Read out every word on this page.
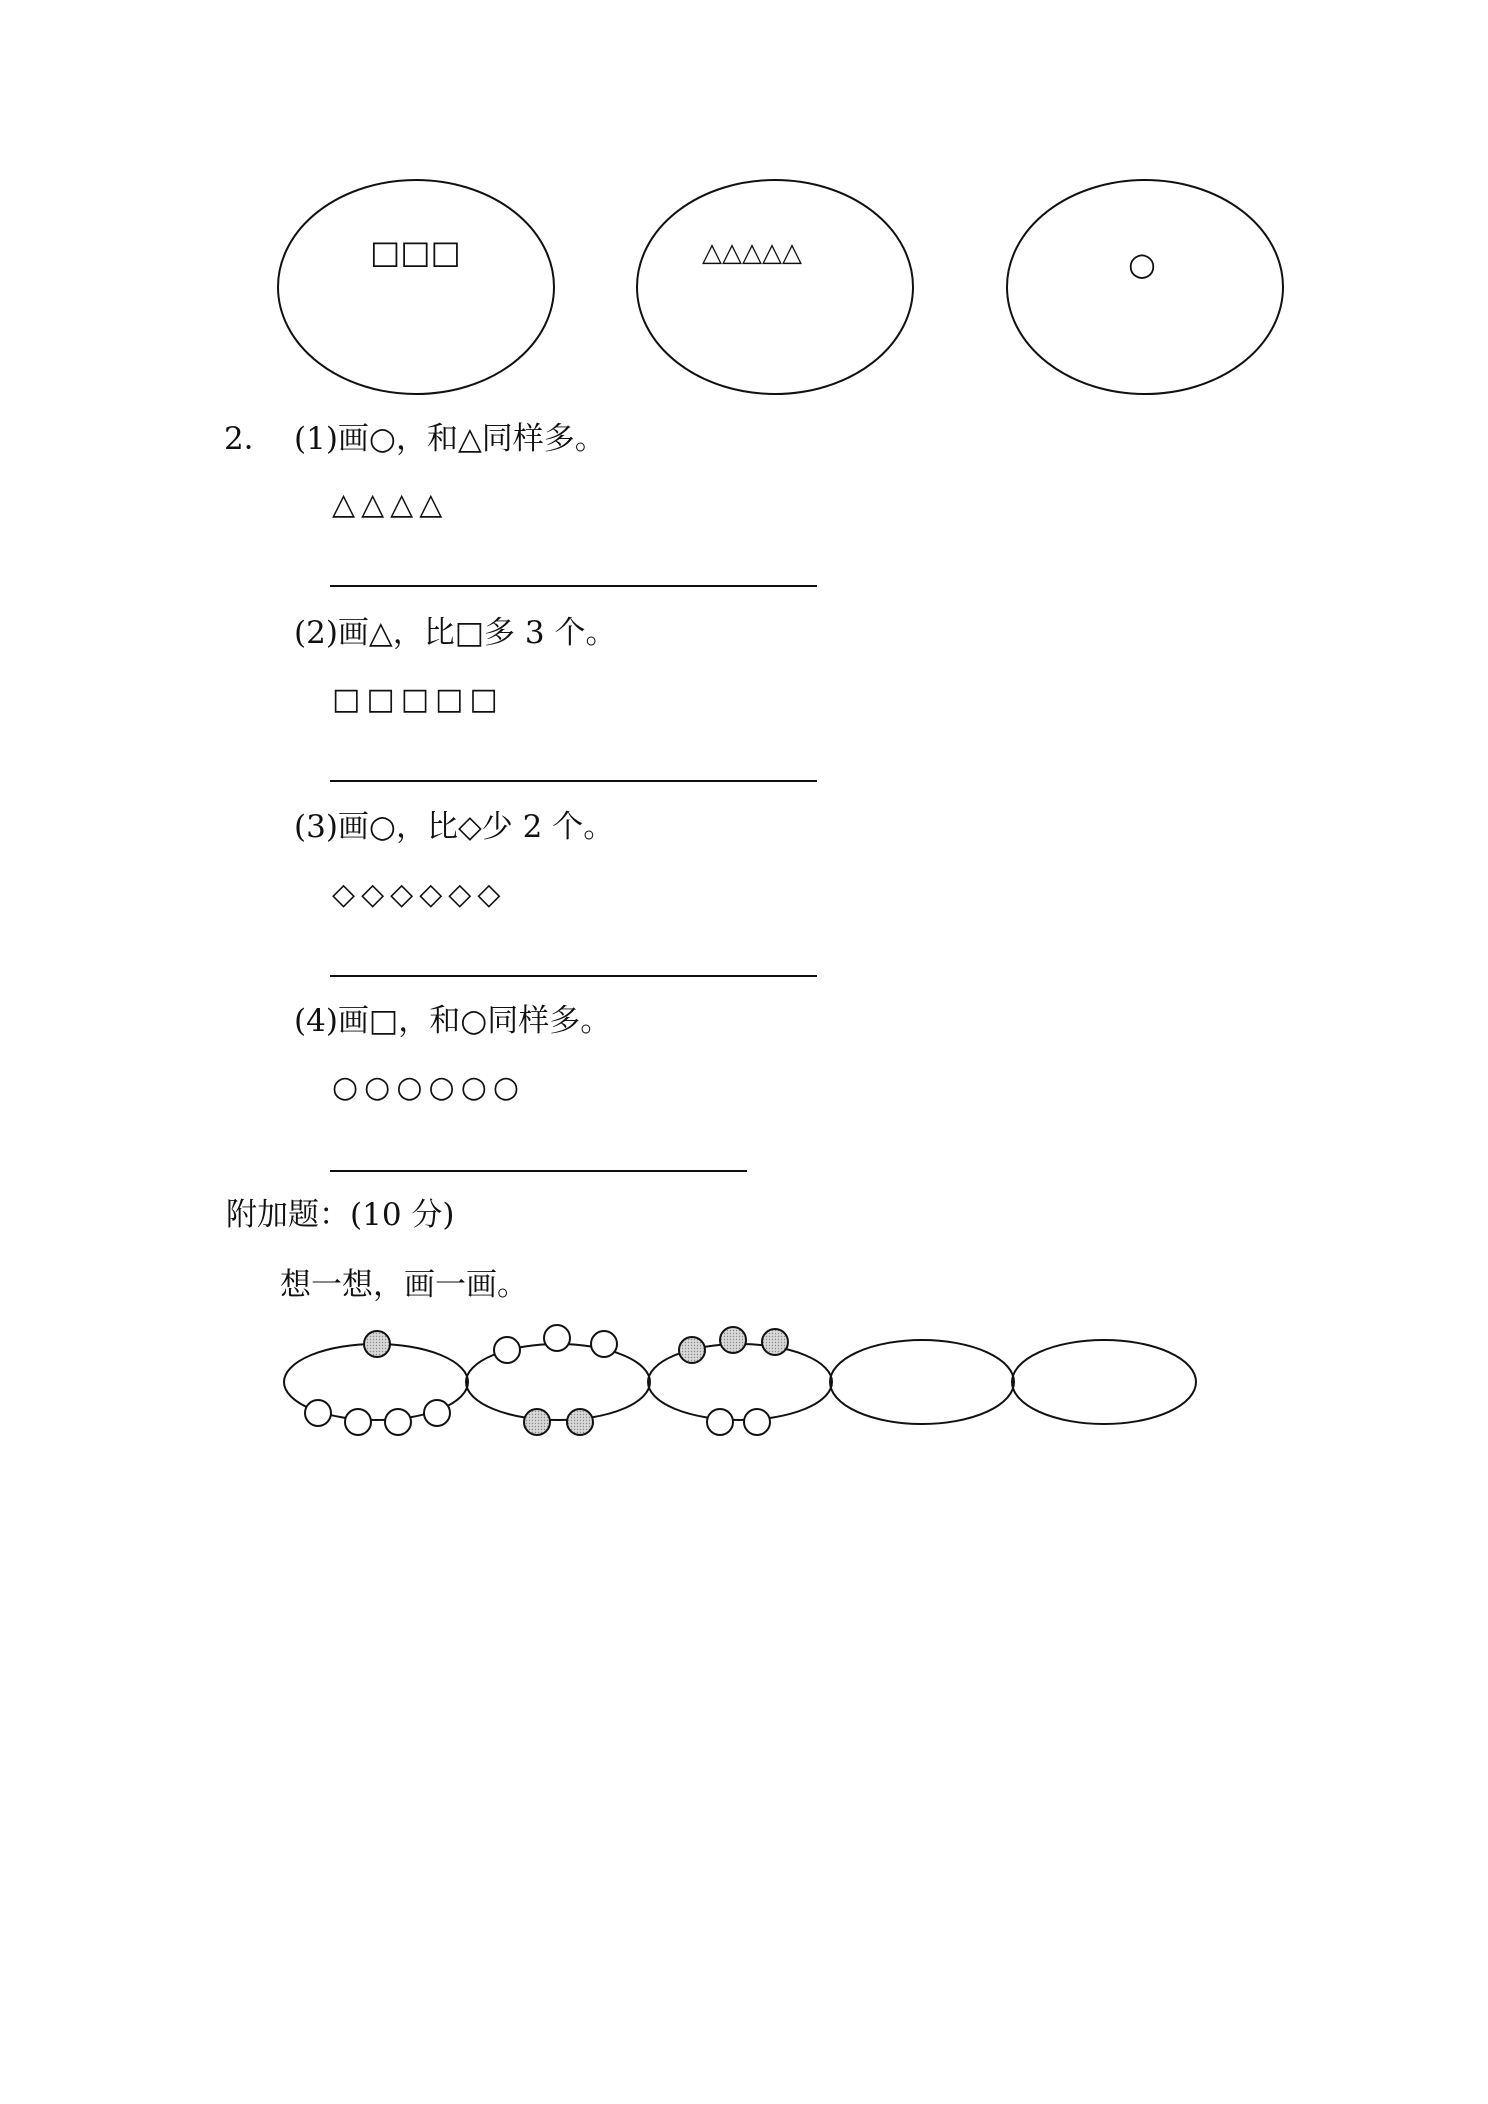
□□□	△△△△△	○
2． (1)画○，和△同样多。
△△△△
(2)画△，比□多 3 个。
□□□□□
(3)画○，比◇少 2 个。
◇◇◇◇◇◇
(4)画□，和○同样多。
○○○○○○
附加题：(10 分)
想一想，画一画。
